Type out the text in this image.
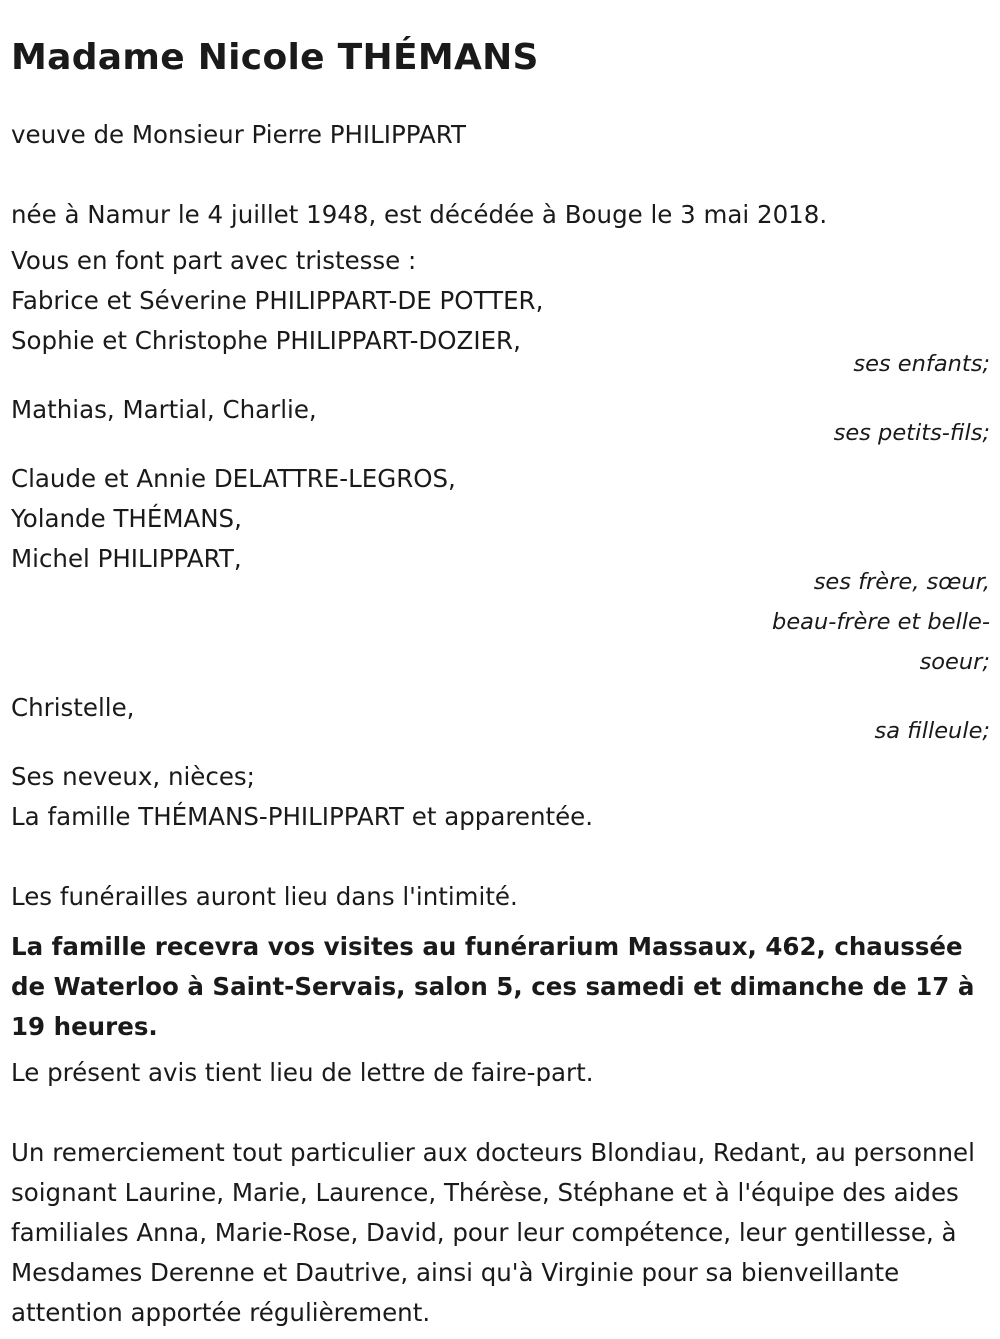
Madame Nicole THÉMANS

veuve de Monsieur Pierre PHILIPPART

née à Namur le 4 juillet 1948, est décédée à Bouge le 3 mai 2018.

Vous en font part avec tristesse :

Fabrice et Séverine PHILIPPART-DE POTTER,

Sophie et Christophe PHILIPPART-DOZIER,

ses enfants;

Mathias, Martial, Charlie,

ses petits-fils;

Claude et Annie DELATTRE-LEGROS,

Yolande THÉMANS,

Michel PHILIPPART,

ses frère, sœur,
beau-frère et belle-
soeur;

Christelle,

sa filleule;

Ses neveux, nièces;

La famille THÉMANS-PHILIPPART et apparentée.

Les funérailles auront lieu dans l'intimité.

La famille recevra vos visites au funérarium Massaux, 462, chaussée de Waterloo à Saint-Servais, salon 5, ces samedi et dimanche de 17 à 19 heures.

Le présent avis tient lieu de lettre de faire-part.

Un remerciement tout particulier aux docteurs Blondiau, Redant, au personnel soignant Laurine, Marie, Laurence, Thérèse, Stéphane et à l'équipe des aides familiales Anna, Marie-Rose, David, pour leur compétence, leur gentillesse, à Mesdames Derenne et Dautrive, ainsi qu'à Virginie pour sa bienveillante attention apportée régulièrement.
